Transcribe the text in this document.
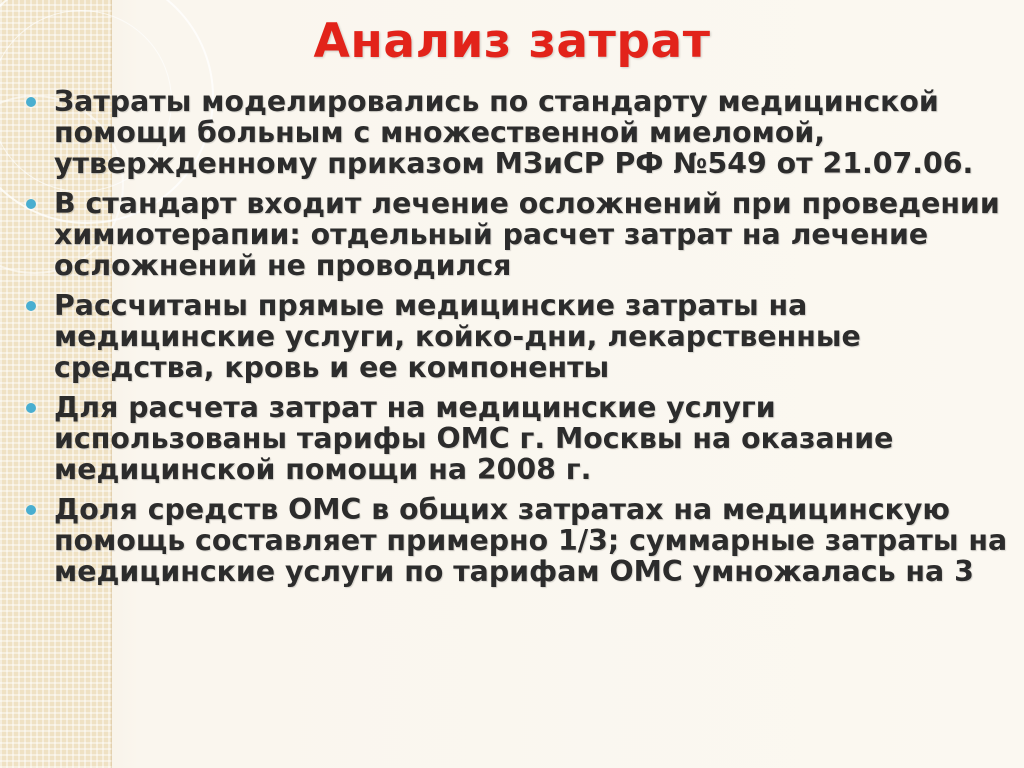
Анализ затрат
Затраты моделировались по стандарту медицинской помощи больным с множественной миеломой, утвержденному приказом МЗиСР РФ №549 от 21.07.06.
В стандарт входит лечение осложнений при проведении химиотерапии: отдельный расчет затрат на лечение осложнений не проводился
Рассчитаны прямые медицинские затраты на медицинские услуги, койко-дни, лекарственные средства, кровь и ее компоненты
Для расчета затрат на медицинские услуги использованы тарифы ОМС г. Москвы на оказание медицинской помощи на 2008 г.
Доля средств ОМС в общих затратах на медицинскую помощь составляет примерно 1/3; суммарные затраты на медицинские услуги по тарифам ОМС умножалась на 3
